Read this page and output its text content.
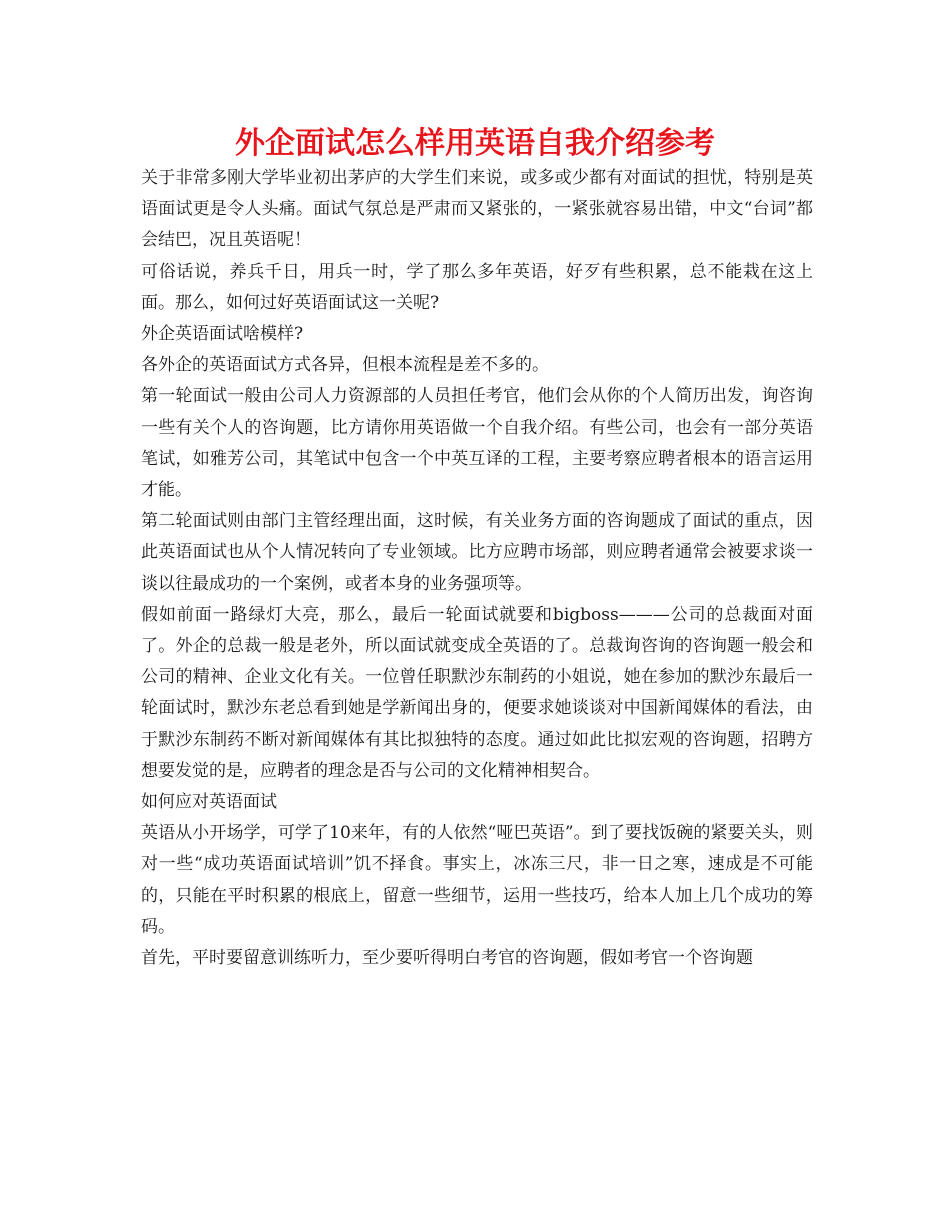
外企面试怎么样用英语自我介绍参考

关于非常多刚大学毕业初出茅庐的大学生们来说，或多或少都有对面试的担忧，特别是英语面试更是令人头痛。面试气氛总是严肃而又紧张的，一紧张就容易出错，中文“台词”都会结巴，况且英语呢！

可俗话说，养兵千日，用兵一时，学了那么多年英语，好歹有些积累，总不能栽在这上面。那么，如何过好英语面试这一关呢?

外企英语面试啥模样?

各外企的英语面试方式各异，但根本流程是差不多的。

第一轮面试一般由公司人力资源部的人员担任考官，他们会从你的个人简历出发，询咨询一些有关个人的咨询题，比方请你用英语做一个自我介绍。有些公司，也会有一部分英语笔试，如雅芳公司，其笔试中包含一个中英互译的工程，主要考察应聘者根本的语言运用才能。

第二轮面试则由部门主管经理出面，这时候，有关业务方面的咨询题成了面试的重点，因此英语面试也从个人情况转向了专业领域。比方应聘市场部，则应聘者通常会被要求谈一谈以往最成功的一个案例，或者本身的业务强项等。

假如前面一路绿灯大亮，那么，最后一轮面试就要和bigboss———公司的总裁面对面了。外企的总裁一般是老外，所以面试就变成全英语的了。总裁询咨询的咨询题一般会和公司的精神、企业文化有关。一位曾任职默沙东制药的小姐说，她在参加的默沙东最后一轮面试时，默沙东老总看到她是学新闻出身的，便要求她谈谈对中国新闻媒体的看法，由于默沙东制药不断对新闻媒体有其比拟独特的态度。通过如此比拟宏观的咨询题，招聘方想要发觉的是，应聘者的理念是否与公司的文化精神相契合。

如何应对英语面试

英语从小开场学，可学了10来年，有的人依然“哑巴英语”。到了要找饭碗的紧要关头，则对一些“成功英语面试培训”饥不择食。事实上，冰冻三尺，非一日之寒，速成是不可能的，只能在平时积累的根底上，留意一些细节，运用一些技巧，给本人加上几个成功的筹码。

首先，平时要留意训练听力，至少要听得明白考官的咨询题，假如考官一个咨询题
